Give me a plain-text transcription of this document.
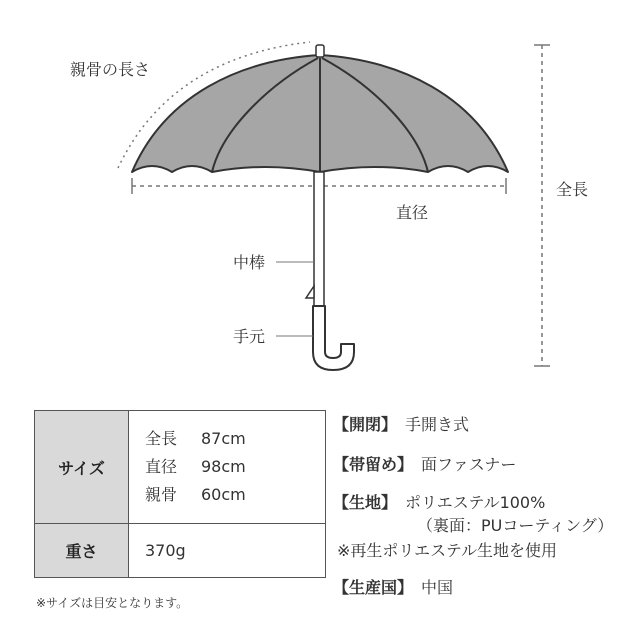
親骨の長さ
直径
全長
中棒
手元
サイズ
全長 87cm
直径 98cm
親骨 60cm
重さ	370g
※サイズは目安となります。
【開閉】 手開き式
【帯留め】 面ファスナー
【生地】 ポリエステル100%
（裏面：PUコーティング）
※再生ポリエステル生地を使用
【生産国】 中国
